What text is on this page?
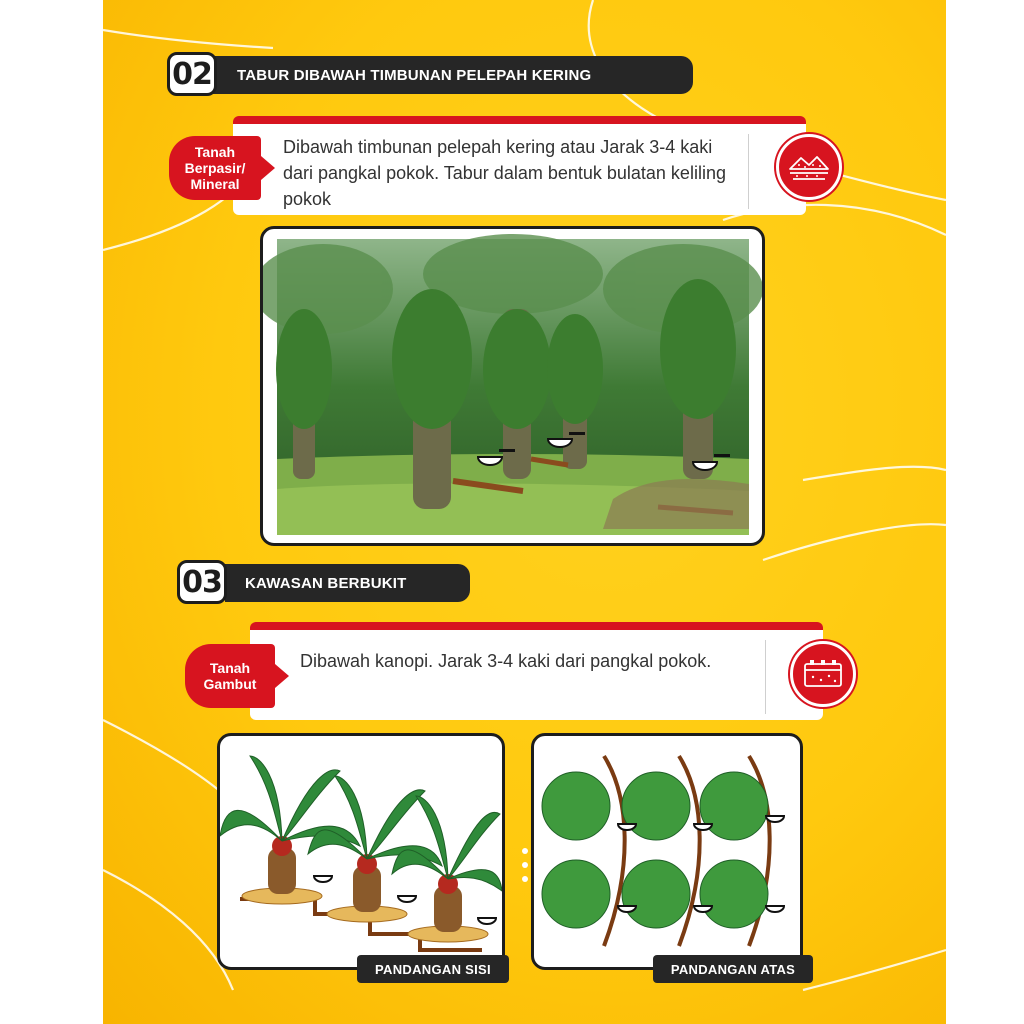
TABUR DIBAWAH TIMBUNAN PELEPAH KERING
02
Dibawah timbunan pelepah kering atau Jarak 3-4 kaki dari pangkal pokok. Tabur dalam bentuk bulatan keliling pokok
Tanah Berpasir/ Mineral
KAWASAN BERBUKIT
03
Dibawah kanopi. Jarak 3-4 kaki dari pangkal pokok.
Tanah Gambut
PANDANGAN SISI	PANDANGAN ATAS
